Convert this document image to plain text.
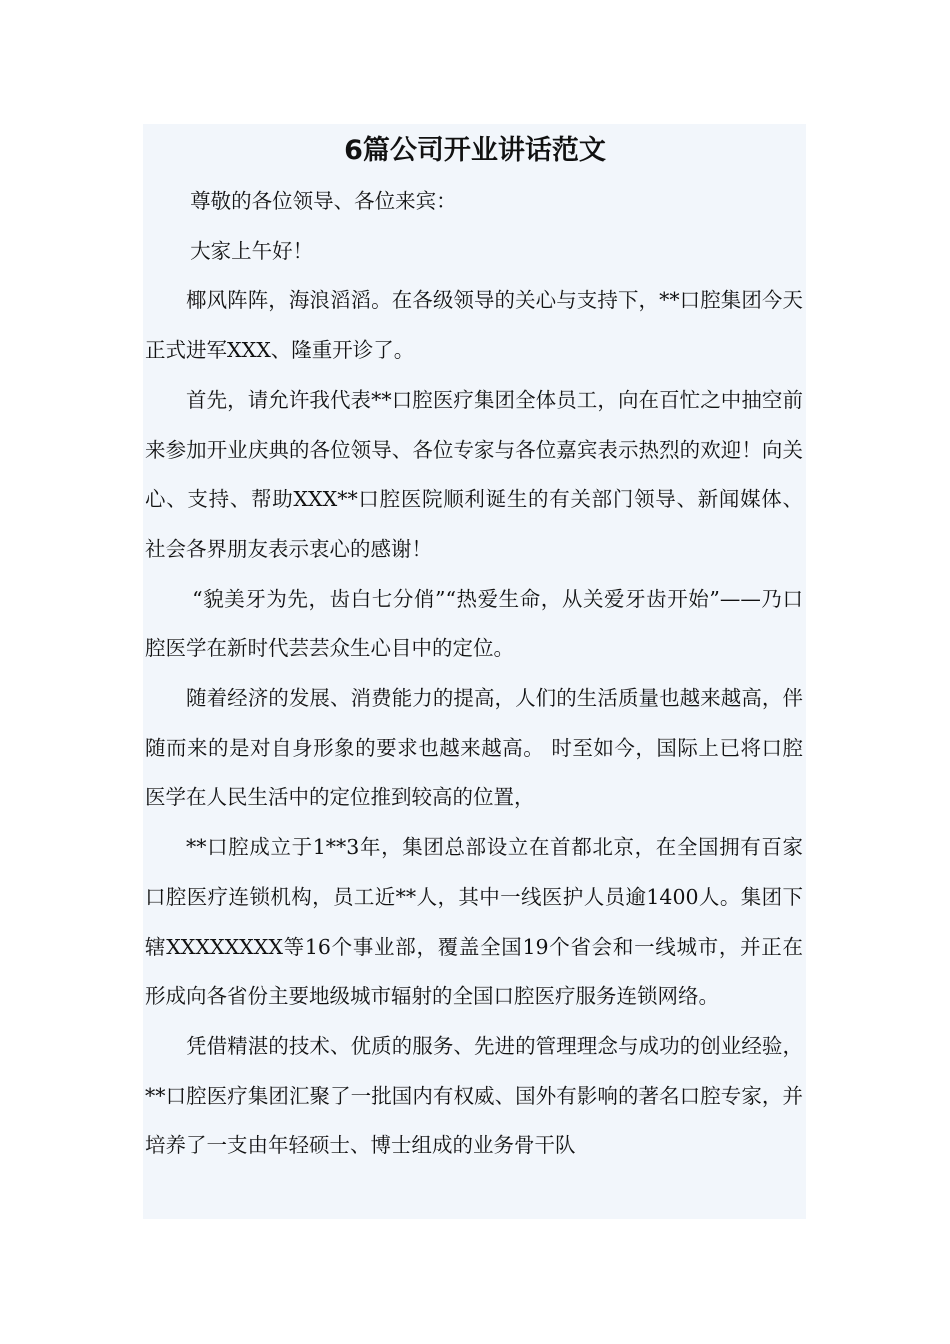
6篇公司开业讲话范文

尊敬的各位领导、各位来宾：

大家上午好！

椰风阵阵，海浪滔滔。在各级领导的关心与支持下，**口腔集团今天正式进军XXX、隆重开诊了。

首先，请允许我代表**口腔医疗集团全体员工，向在百忙之中抽空前来参加开业庆典的各位领导、各位专家与各位嘉宾表示热烈的欢迎！向关心、支持、帮助XXX**口腔医院顺利诞生的有关部门领导、新闻媒体、社会各界朋友表示衷心的感谢！

“貌美牙为先，齿白七分俏”“热爱生命，从关爱牙齿开始”——乃口腔医学在新时代芸芸众生心目中的定位。

随着经济的发展、消费能力的提高，人们的生活质量也越来越高，伴随而来的是对自身形象的要求也越来越高。 时至如今，国际上已将口腔医学在人民生活中的定位推到较高的位置，

**口腔成立于1**3年，集团总部设立在首都北京，在全国拥有百家口腔医疗连锁机构，员工近**人，其中一线医护人员逾1400人。集团下辖XXXXXXXX等16个事业部，覆盖全国19个省会和一线城市，并正在形成向各省份主要地级城市辐射的全国口腔医疗服务连锁网络。

凭借精湛的技术、优质的服务、先进的管理理念与成功的创业经验，**口腔医疗集团汇聚了一批国内有权威、国外有影响的著名口腔专家，并培养了一支由年轻硕士、博士组成的业务骨干队
